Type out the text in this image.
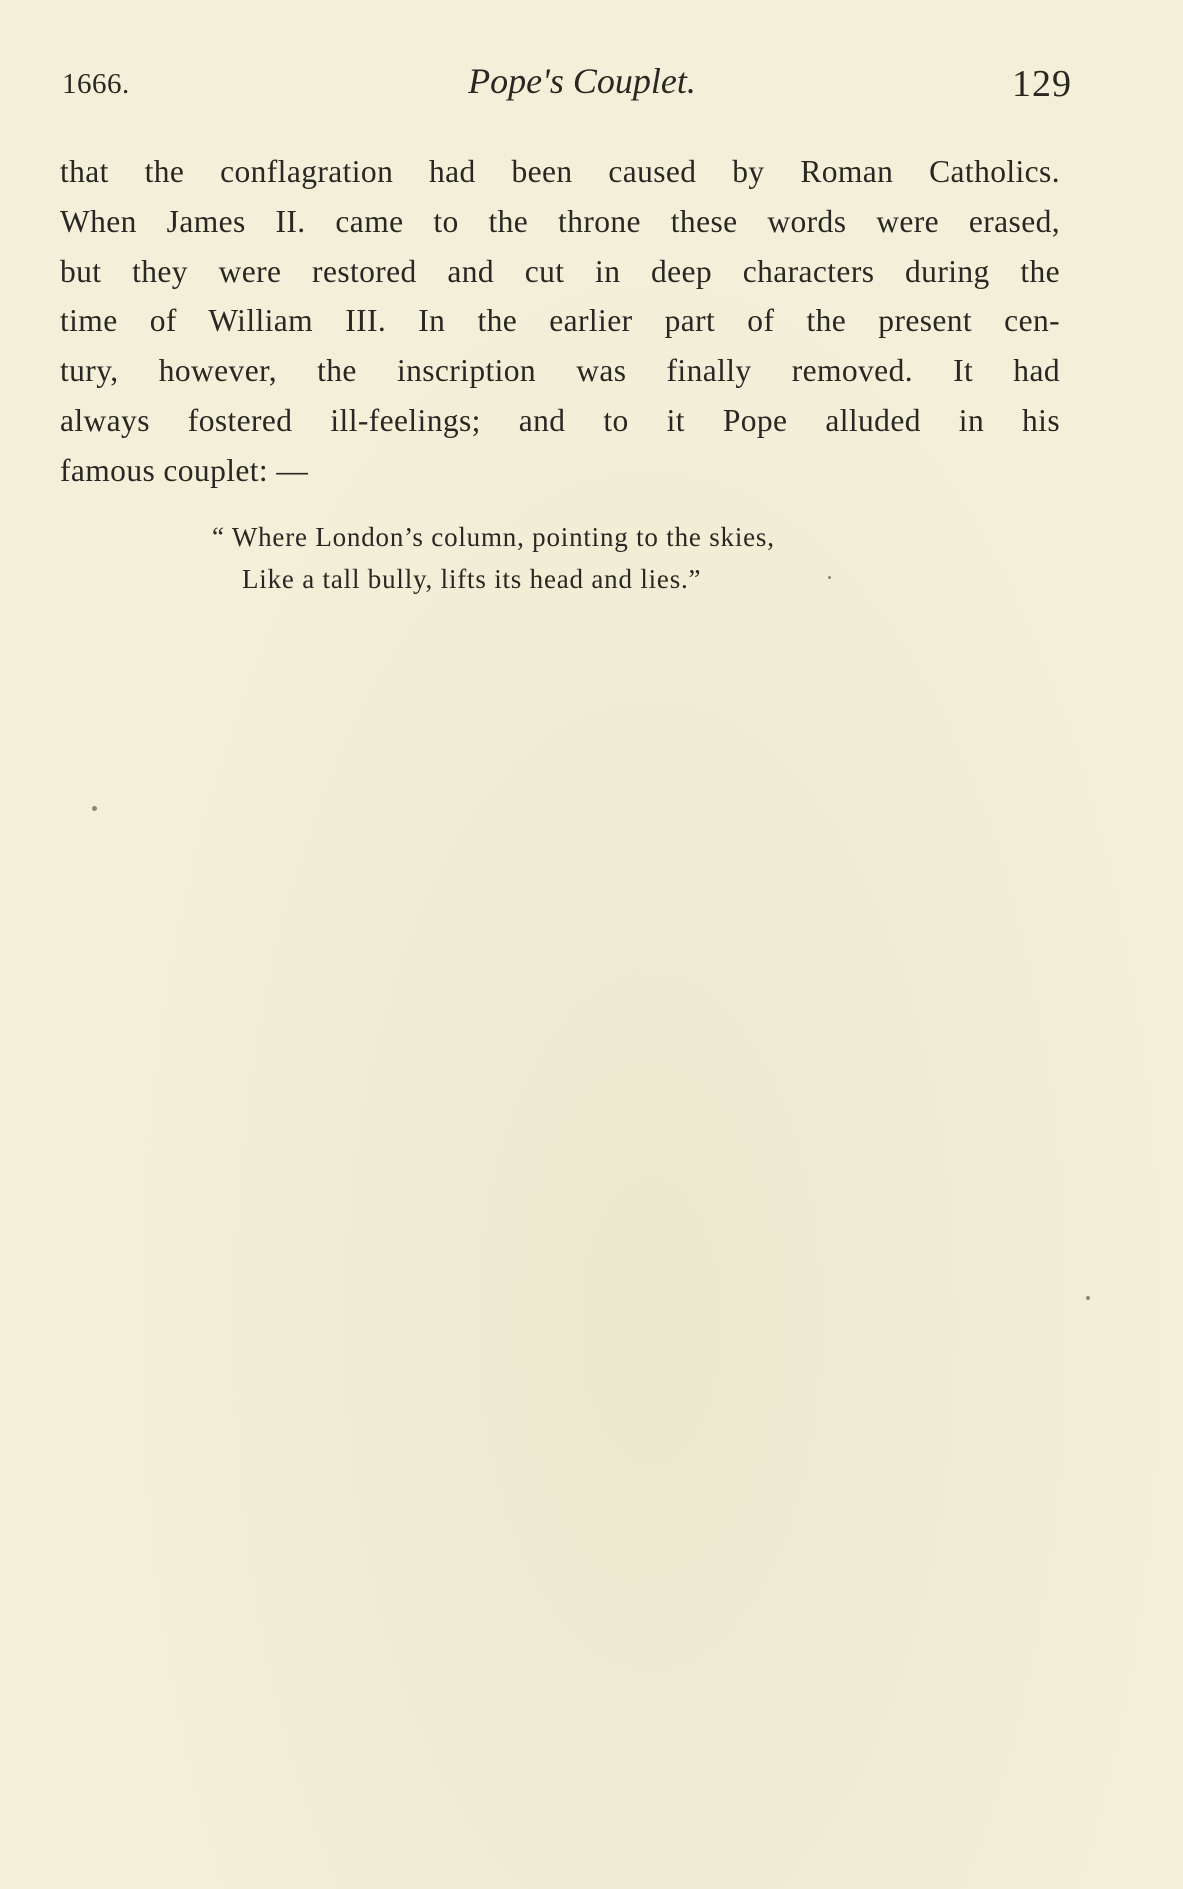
1666.	Pope's Couplet.	129
that the conflagration had been caused by Roman Catholics.
When James II. came to the throne these words were erased,
but they were restored and cut in deep characters during the
time of William III. In the earlier part of the present cen-
tury, however, the inscription was finally removed. It had
always fostered ill-feelings; and to it Pope alluded in his
famous couplet: —
“ Where London’s column, pointing to the skies,
Like a tall bully, lifts its head and lies.”
